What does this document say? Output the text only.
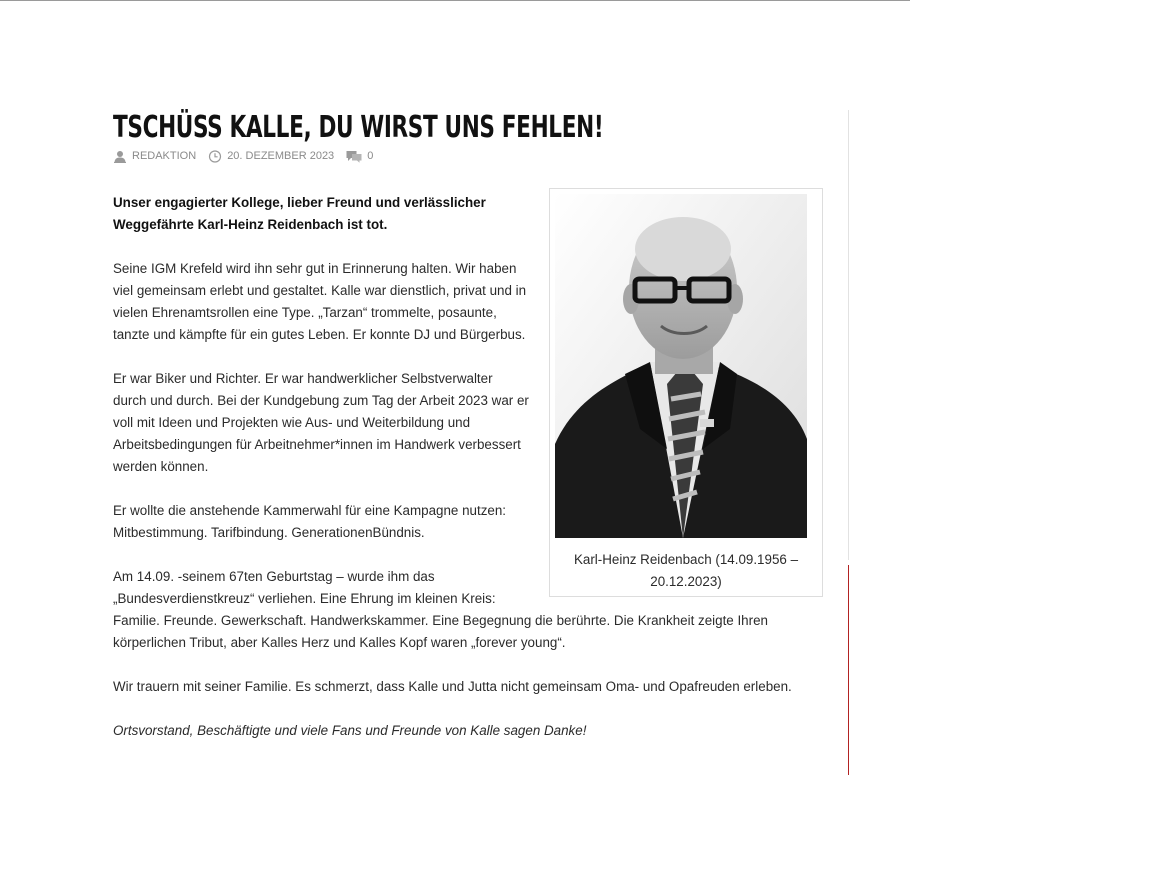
TSCHÜSS KALLE, DU WIRST UNS FEHLEN!
REDAKTION	20. DEZEMBER 2023	0
Karl-Heinz Reidenbach (14.09.1956 – 20.12.2023)

Unser engagierter Kollege, lieber Freund und verlässlicher Weggefährte Karl-Heinz Reidenbach ist tot.

Seine IGM Krefeld wird ihn sehr gut in Erinnerung halten. Wir haben viel gemeinsam erlebt und gestaltet. Kalle war dienstlich, privat und in vielen Ehrenamtsrollen eine Type. „Tarzan“ trommelte, posaunte, tanzte und kämpfte für ein gutes Leben. Er konnte DJ und Bürgerbus.

Er war Biker und Richter. Er war handwerklicher Selbstverwalter durch und durch. Bei der Kundgebung zum Tag der Arbeit 2023 war er voll mit Ideen und Projekten wie Aus- und Weiterbildung und Arbeitsbedingungen für Arbeitnehmer*innen im Handwerk verbessert werden können.

Er wollte die anstehende Kammerwahl für eine Kampagne nutzen: Mitbestimmung. Tarifbindung. GenerationenBündnis.

Am 14.09. -seinem 67ten Geburtstag – wurde ihm das „Bundesverdienstkreuz“ verliehen. Eine Ehrung im kleinen Kreis: Familie. Freunde. Gewerkschaft. Handwerkskammer. Eine Begegnung die berührte. Die Krankheit zeigte Ihren körperlichen Tribut, aber Kalles Herz und Kalles Kopf waren „forever young“.

Wir trauern mit seiner Familie. Es schmerzt, dass Kalle und Jutta nicht gemeinsam Oma- und Opafreuden erleben.

Ortsvorstand, Beschäftigte und viele Fans und Freunde von Kalle sagen Danke!
